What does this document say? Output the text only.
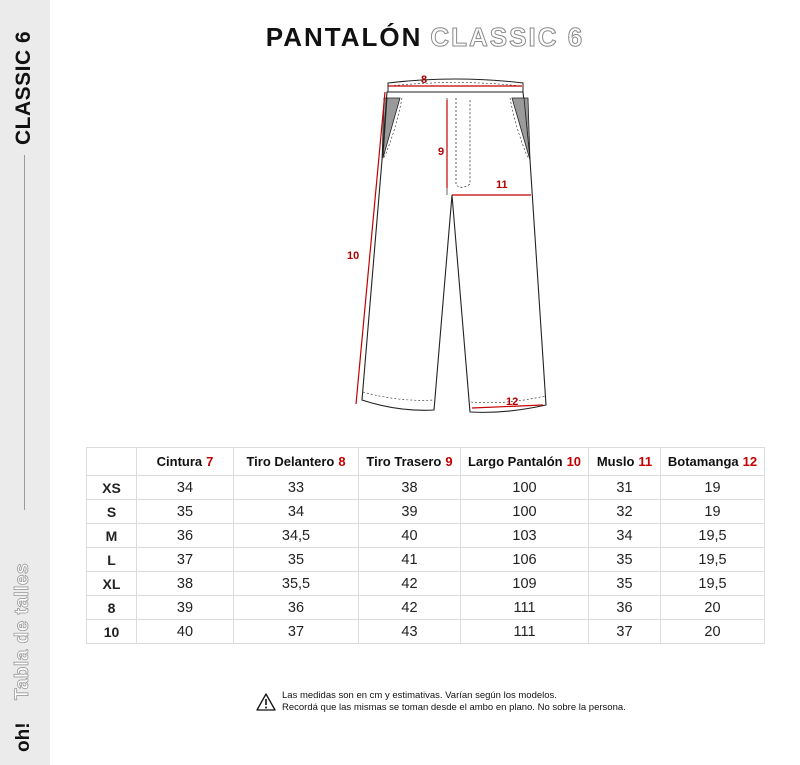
CLASSIC 6
Tabla de talles
oh!
PANTALÓN CLASSIC 6
8
9
10
11
12
	Cintura 7	Tiro Delantero 8	Tiro Trasero 9	Largo Pantalón 10	Muslo 11	Botamanga 12
XS	34	33	38	100	31	19
S	35	34	39	100	32	19
M	36	34,5	40	103	34	19,5
L	37	35	41	106	35	19,5
XL	38	35,5	42	109	35	19,5
8	39	36	42	111	36	20
10	40	37	43	111	37	20
Las medidas son en cm y estimativas. Varían según los modelos.
Recordá que las mismas se toman desde el ambo en plano. No sobre la persona.
